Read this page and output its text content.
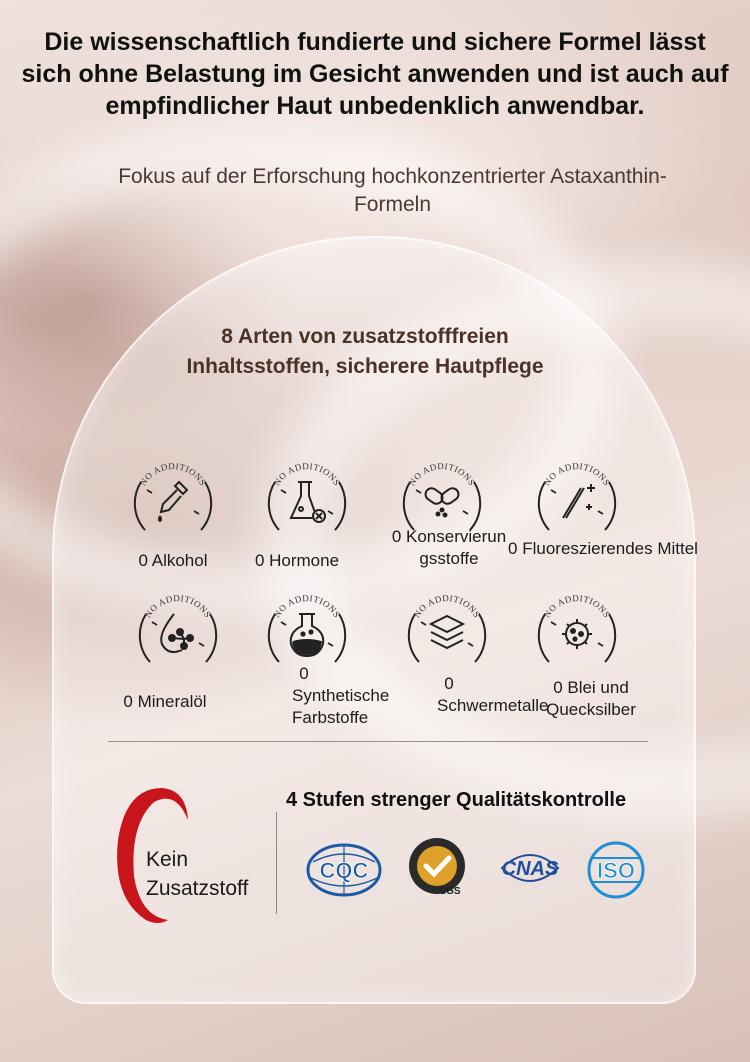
Die wissenschaftlich fundierte und sichere Formel lässt sich ohne Belastung im Gesicht anwenden und ist auch auf empfindlicher Haut unbedenklich anwendbar.
Fokus auf der Erforschung hochkonzentrierter Astaxanthin-Formeln
8 Arten von zusatzstofffreien Inhaltsstoffen, sicherere Hautpflege
NO ADDITIONS	NO ADDITIONS	NO ADDITIONS	NO ADDITIONS
0 Alkohol	0 Hormone
0 Konservierungsstoffe
0 Fluoreszierendes Mittel
NO ADDITIONS	NO ADDITIONS	NO ADDITIONS	NO ADDITIONS
0 Mineralöl
0 Synthetische Farbstoffe
0 Schwermetalle
0 Blei und Quecksilber
Kein
Zusatzstoff
4 Stufen strenger Qualitätskontrolle
CQC
SGS
CNAS ISO
